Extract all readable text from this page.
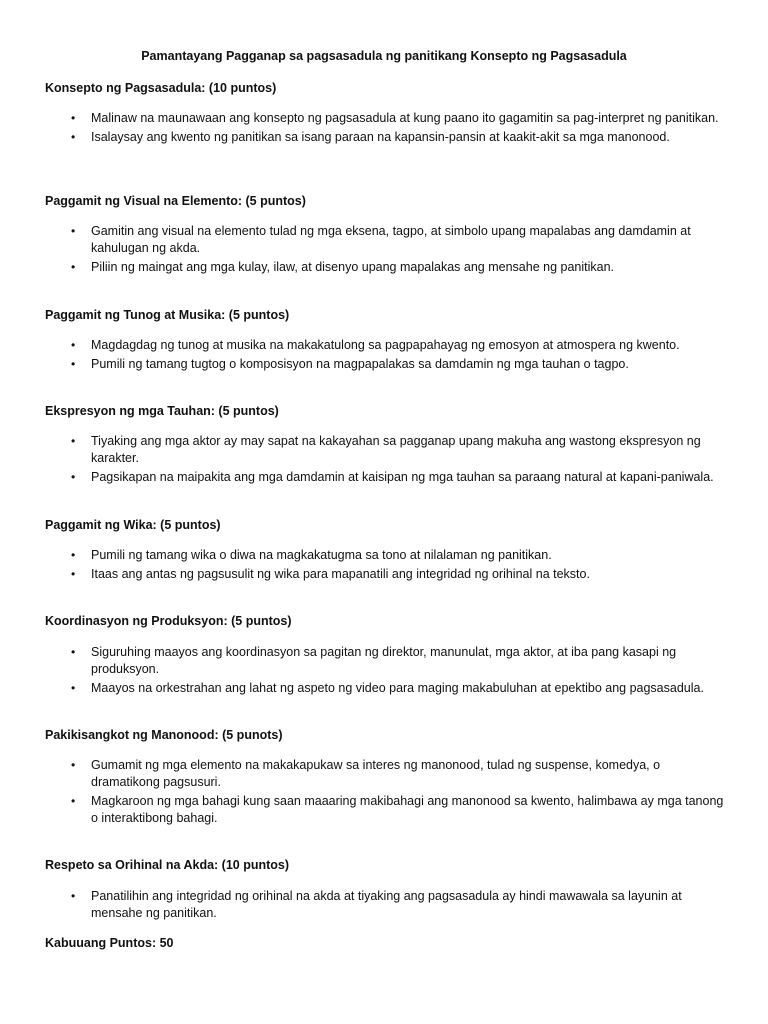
Pamantayang Pagganap sa pagsasadula ng panitikang Konsepto ng Pagsasadula
Konsepto ng Pagsasadula: (10 puntos)
• Malinaw na maunawaan ang konsepto ng pagsasadula at kung paano ito gagamitin sa pag-interpret ng panitikan.
• Isalaysay ang kwento ng panitikan sa isang paraan na kapansin-pansin at kaakit-akit sa mga manonood.
Paggamit ng Visual na Elemento: (5 puntos)
• Gamitin ang visual na elemento tulad ng mga eksena, tagpo, at simbolo upang mapalabas ang damdamin at kahulugan ng akda.
• Piliin ng maingat ang mga kulay, ilaw, at disenyo upang mapalakas ang mensahe ng panitikan.
Paggamit ng Tunog at Musika: (5 puntos)
• Magdagdag ng tunog at musika na makakatulong sa pagpapahayag ng emosyon at atmospera ng kwento.
• Pumili ng tamang tugtog o komposisyon na magpapalakas sa damdamin ng mga tauhan o tagpo.
Ekspresyon ng mga Tauhan: (5 puntos)
• Tiyaking ang mga aktor ay may sapat na kakayahan sa pagganap upang makuha ang wastong ekspresyon ng karakter.
• Pagsikapan na maipakita ang mga damdamin at kaisipan ng mga tauhan sa paraang natural at kapani-paniwala.
Paggamit ng Wika: (5 puntos)
• Pumili ng tamang wika o diwa na magkakatugma sa tono at nilalaman ng panitikan.
• Itaas ang antas ng pagsusulit ng wika para mapanatili ang integridad ng orihinal na teksto.
Koordinasyon ng Produksyon: (5 puntos)
• Siguruhing maayos ang koordinasyon sa pagitan ng direktor, manunulat, mga aktor, at iba pang kasapi ng produksyon.
• Maayos na orkestrahan ang lahat ng aspeto ng video para maging makabuluhan at epektibo ang pagsasadula.
Pakikisangkot ng Manonood: (5 punots)
• Gumamit ng mga elemento na makakapukaw sa interes ng manonood, tulad ng suspense, komedya, o dramatikong pagsusuri.
• Magkaroon ng mga bahagi kung saan maaaring makibahagi ang manonood sa kwento, halimbawa ay mga tanong o interaktibong bahagi.
Respeto sa Orihinal na Akda: (10 puntos)
• Panatilihin ang integridad ng orihinal na akda at tiyaking ang pagsasadula ay hindi mawawala sa layunin at mensahe ng panitikan.
Kabuuang Puntos: 50
